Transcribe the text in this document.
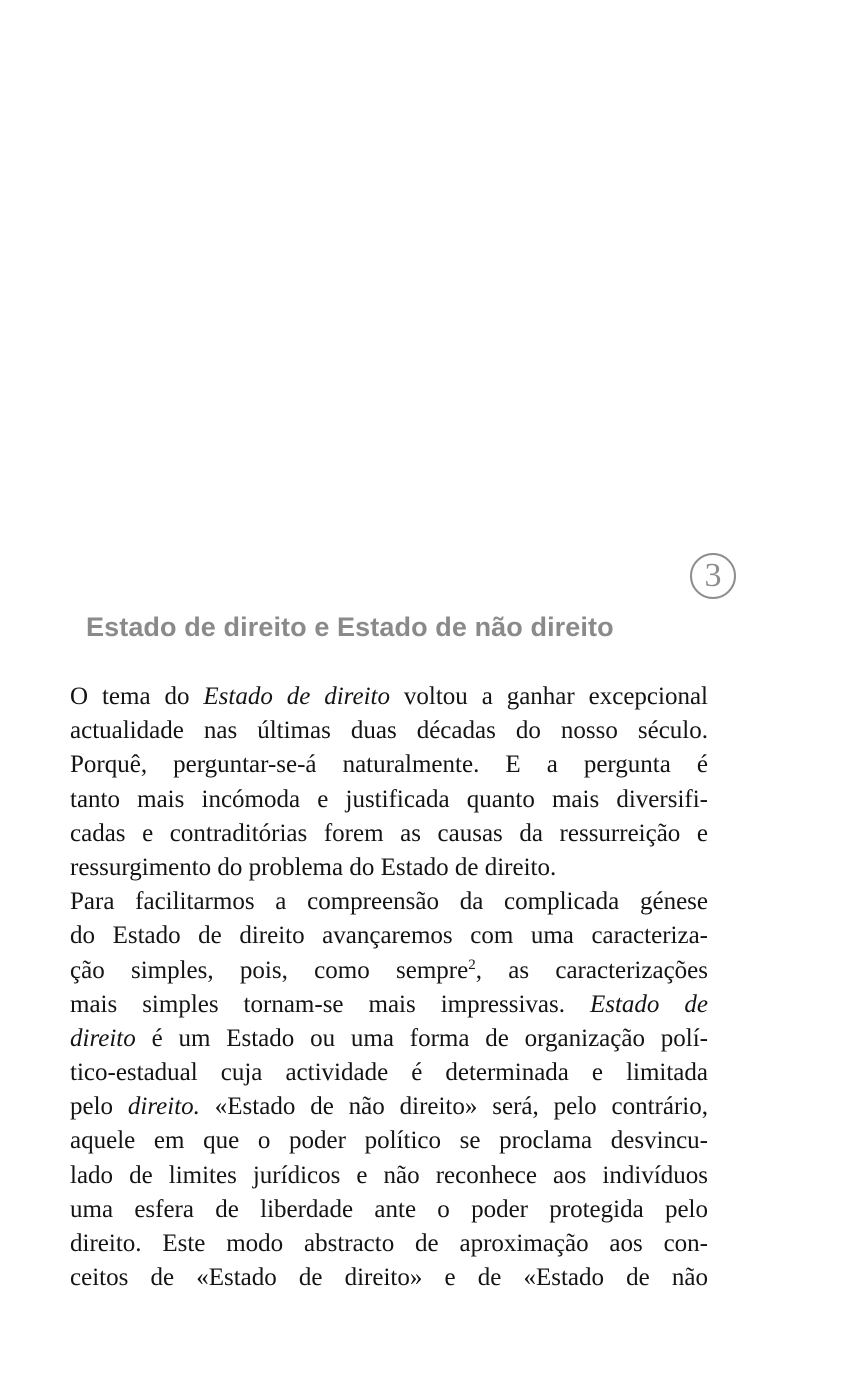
3
Estado de direito e Estado de não direito
O tema do Estado de direito voltou a ganhar excepcional
actualidade nas últimas duas décadas do nosso século.
Porquê, perguntar-se-á naturalmente. E a pergunta é
tanto mais incómoda e justificada quanto mais diversifi-
cadas e contraditórias forem as causas da ressurreição e
ressurgimento do problema do Estado de direito.
Para facilitarmos a compreensão da complicada génese
do Estado de direito avançaremos com uma caracteriza-
ção simples, pois, como sempre$^2$, as caracterizações
mais simples tornam-se mais impressivas. Estado de
direito é um Estado ou uma forma de organização polí-
tico-estadual cuja actividade é determinada e limitada
pelo direito. «Estado de não direito» será, pelo contrário,
aquele em que o poder político se proclama desvincu-
lado de limites jurídicos e não reconhece aos indivíduos
uma esfera de liberdade ante o poder protegida pelo
direito. Este modo abstracto de aproximação aos con-
ceitos de «Estado de direito» e de «Estado de não
